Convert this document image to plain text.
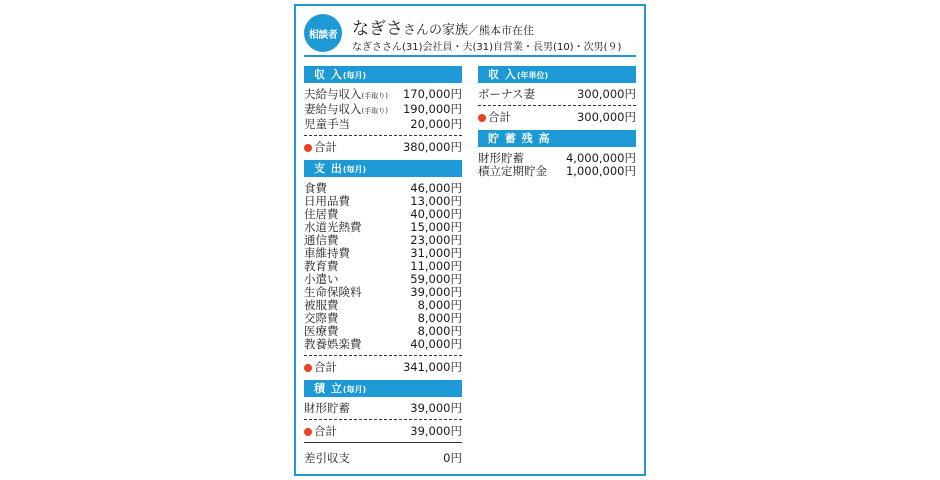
相談者 なぎささんの家族／熊本市在住
なぎささん(31)会社員・夫(31)自営業・長男(10)・次男(９)
収 入(毎月)
夫給与収入(手取り) 170,000円
妻給与収入(手取り) 190,000円
児童手当	20,000円
合計	380,000円
支 出(毎月)
食費	46,000円
日用品費	13,000円
住居費	40,000円
水道光熱費	15,000円
通信費	23,000円
車維持費	31,000円
教育費	11,000円
小遣い	59,000円
生命保険料	39,000円
被服費	8,000円
交際費	8,000円
医療費	8,000円
教養娯楽費	40,000円
合計	341,000円
積 立(毎月)
財形貯蓄	39,000円
合計	39,000円
差引収支	0円
収 入(年単位)
ボーナス妻	300,000円
合計	300,000円
貯 蓄 残 高
財形貯蓄	4,000,000円
積立定期貯金 1,000,000円
